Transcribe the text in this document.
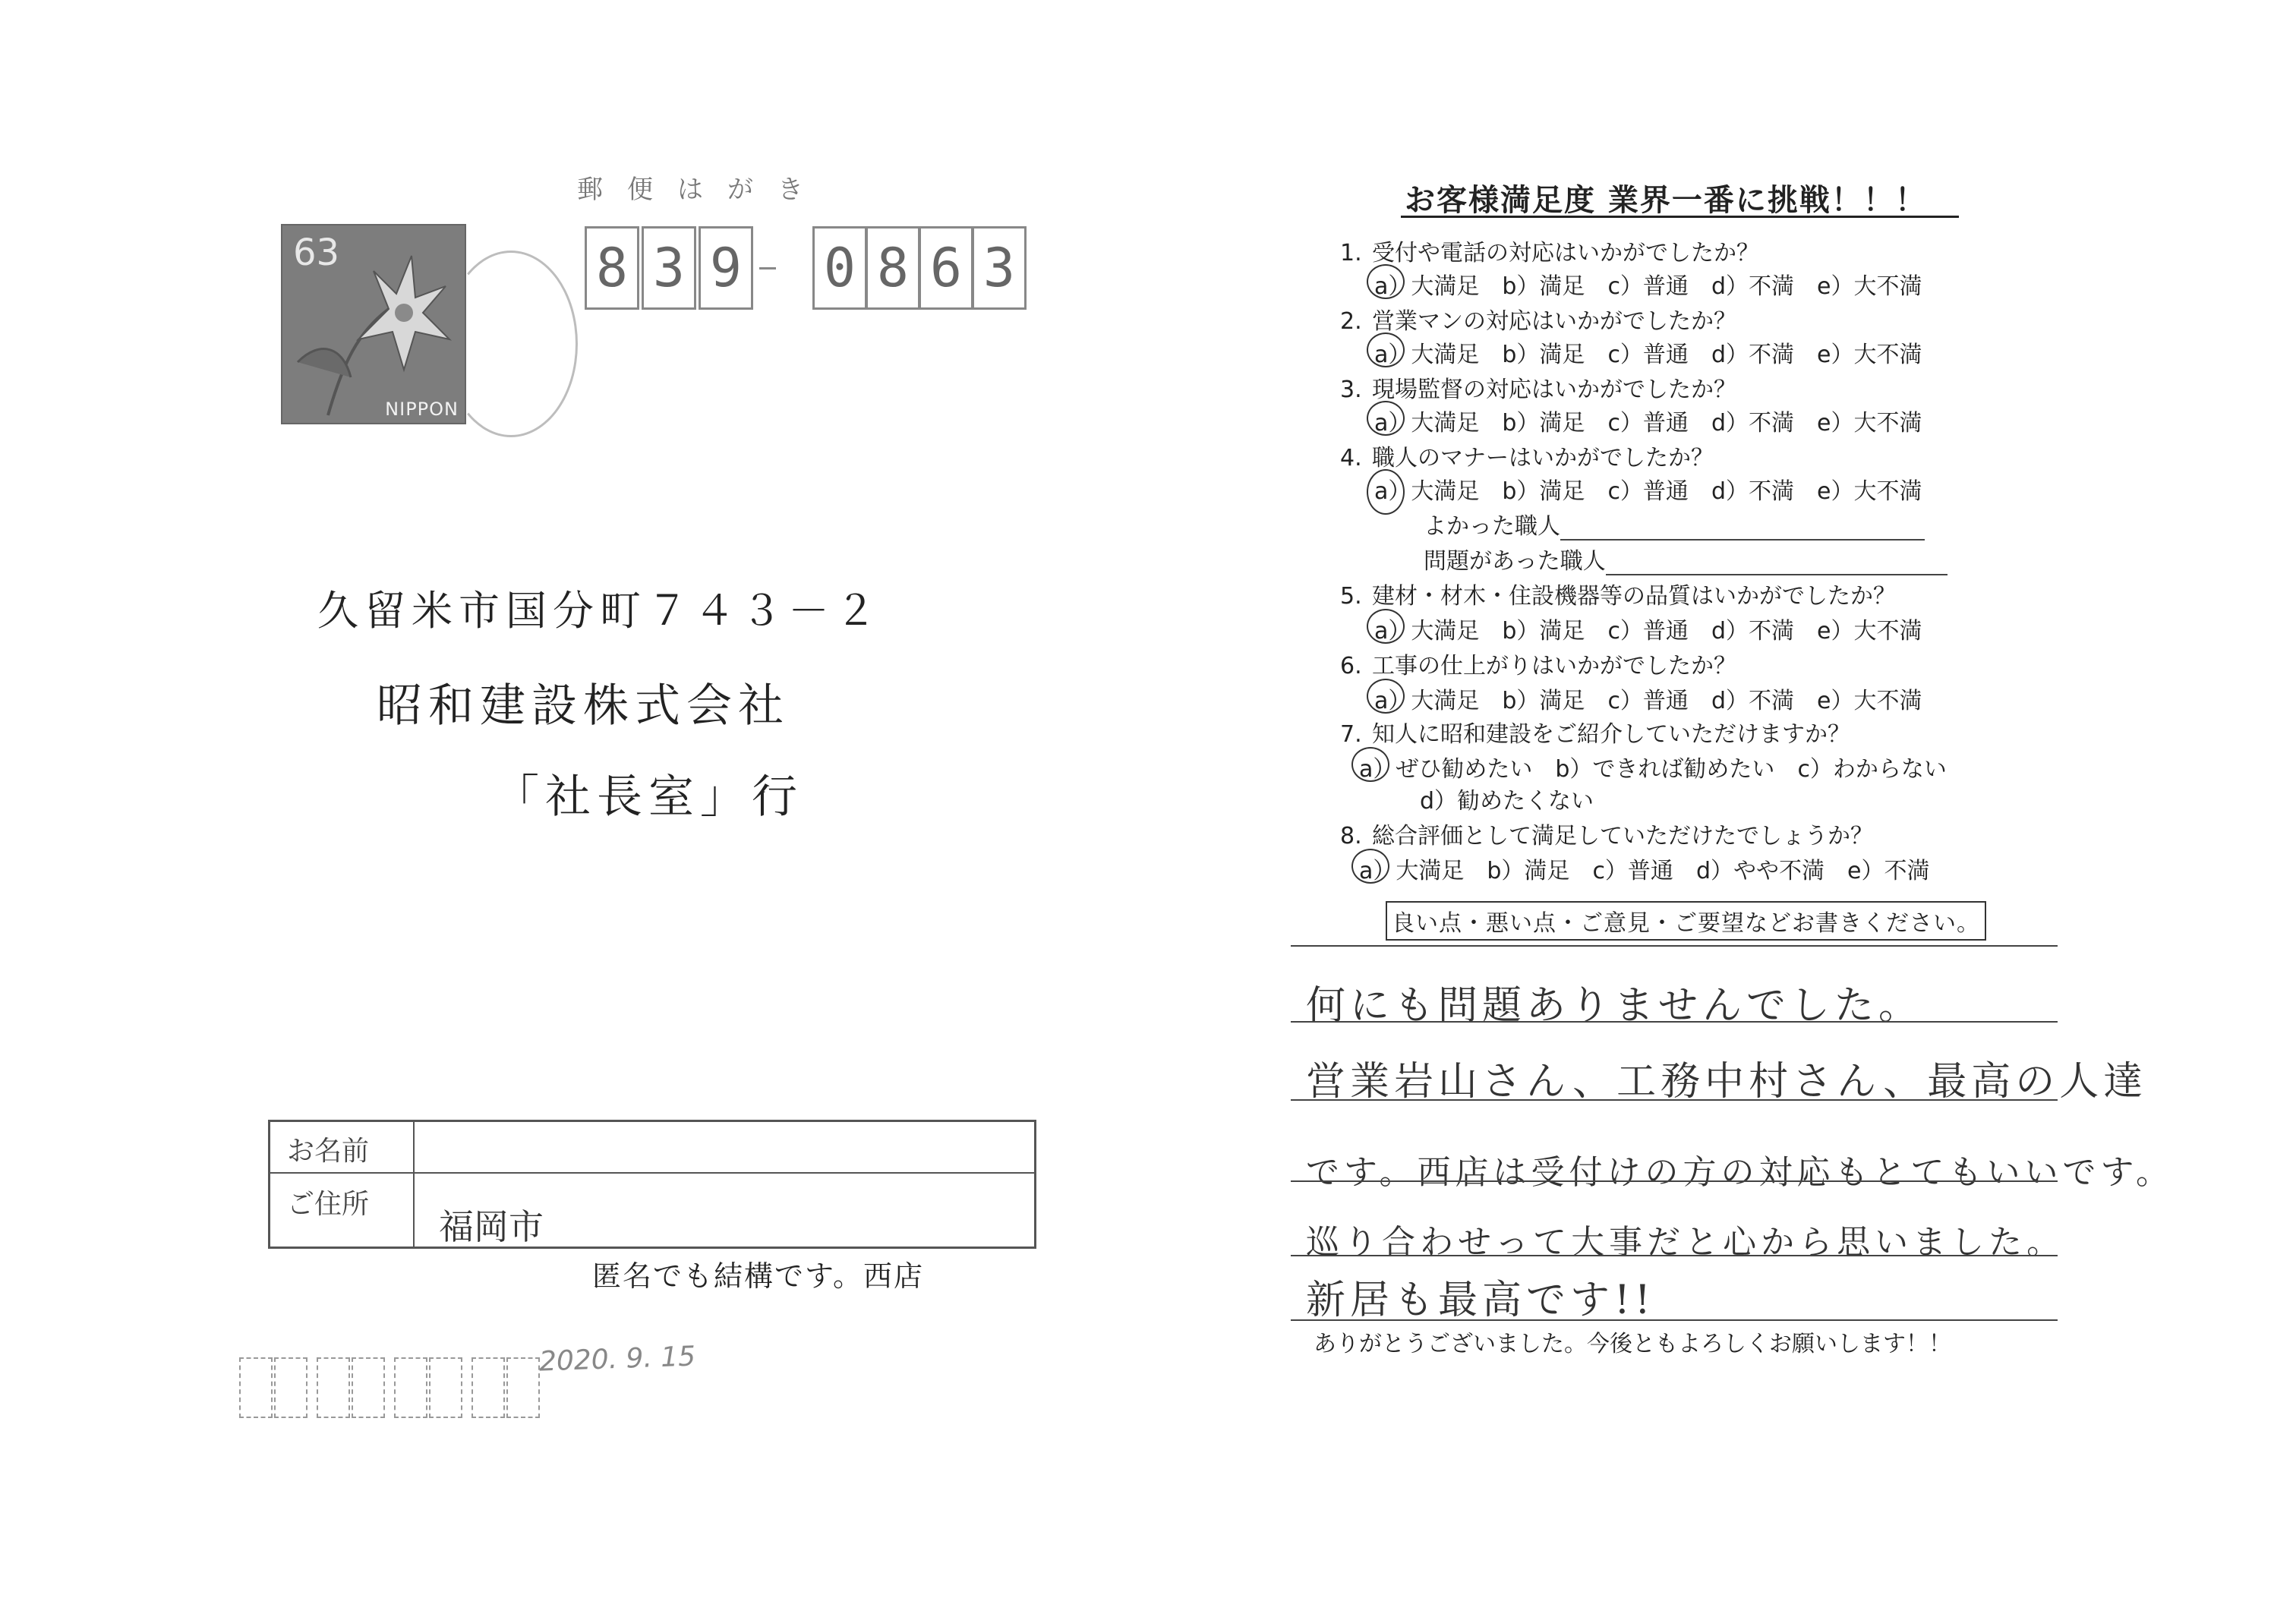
郵便はがき
63
NIPPON
8 3 9 0 8 6 3
久留米市国分町７４３－２
昭和建設株式会社
「社長室」行
お名前
ご住所
福岡市
匿名でも結構です。西店
2020. 9. 15
お客様満足度 業界一番に挑戦！！！
1. 受付や電話の対応はいかがでしたか？
a）大満足 b）満足 c）普通 d）不満 e）大不満
2. 営業マンの対応はいかがでしたか？
a）大満足 b）満足 c）普通 d）不満 e）大不満
3. 現場監督の対応はいかがでしたか？
a）大満足 b）満足 c）普通 d）不満 e）大不満
4. 職人のマナーはいかがでしたか？
a）大満足 b）満足 c）普通 d）不満 e）大不満
よかった職人
問題があった職人
5. 建材・材木・住設機器等の品質はいかがでしたか？
a）大満足 b）満足 c）普通 d）不満 e）大不満
6. 工事の仕上がりはいかがでしたか？
a）大満足 b）満足 c）普通 d）不満 e）大不満
7. 知人に昭和建設をご紹介していただけますか？
a）ぜひ勧めたい b）できれば勧めたい c）わからない
d）勧めたくない
8. 総合評価として満足していただけたでしょうか？
a）大満足 b）満足 c）普通 d）やや不満 e）不満
良い点・悪い点・ご意見・ご要望などお書きください。
何にも問題ありませんでした。
営業岩山さん、工務中村さん、最高の人達
です。西店は受付けの方の対応もとてもいいです。
巡り合わせって大事だと心から思いました。
新居も最高です!!
ありがとうございました。今後ともよろしくお願いします！！
